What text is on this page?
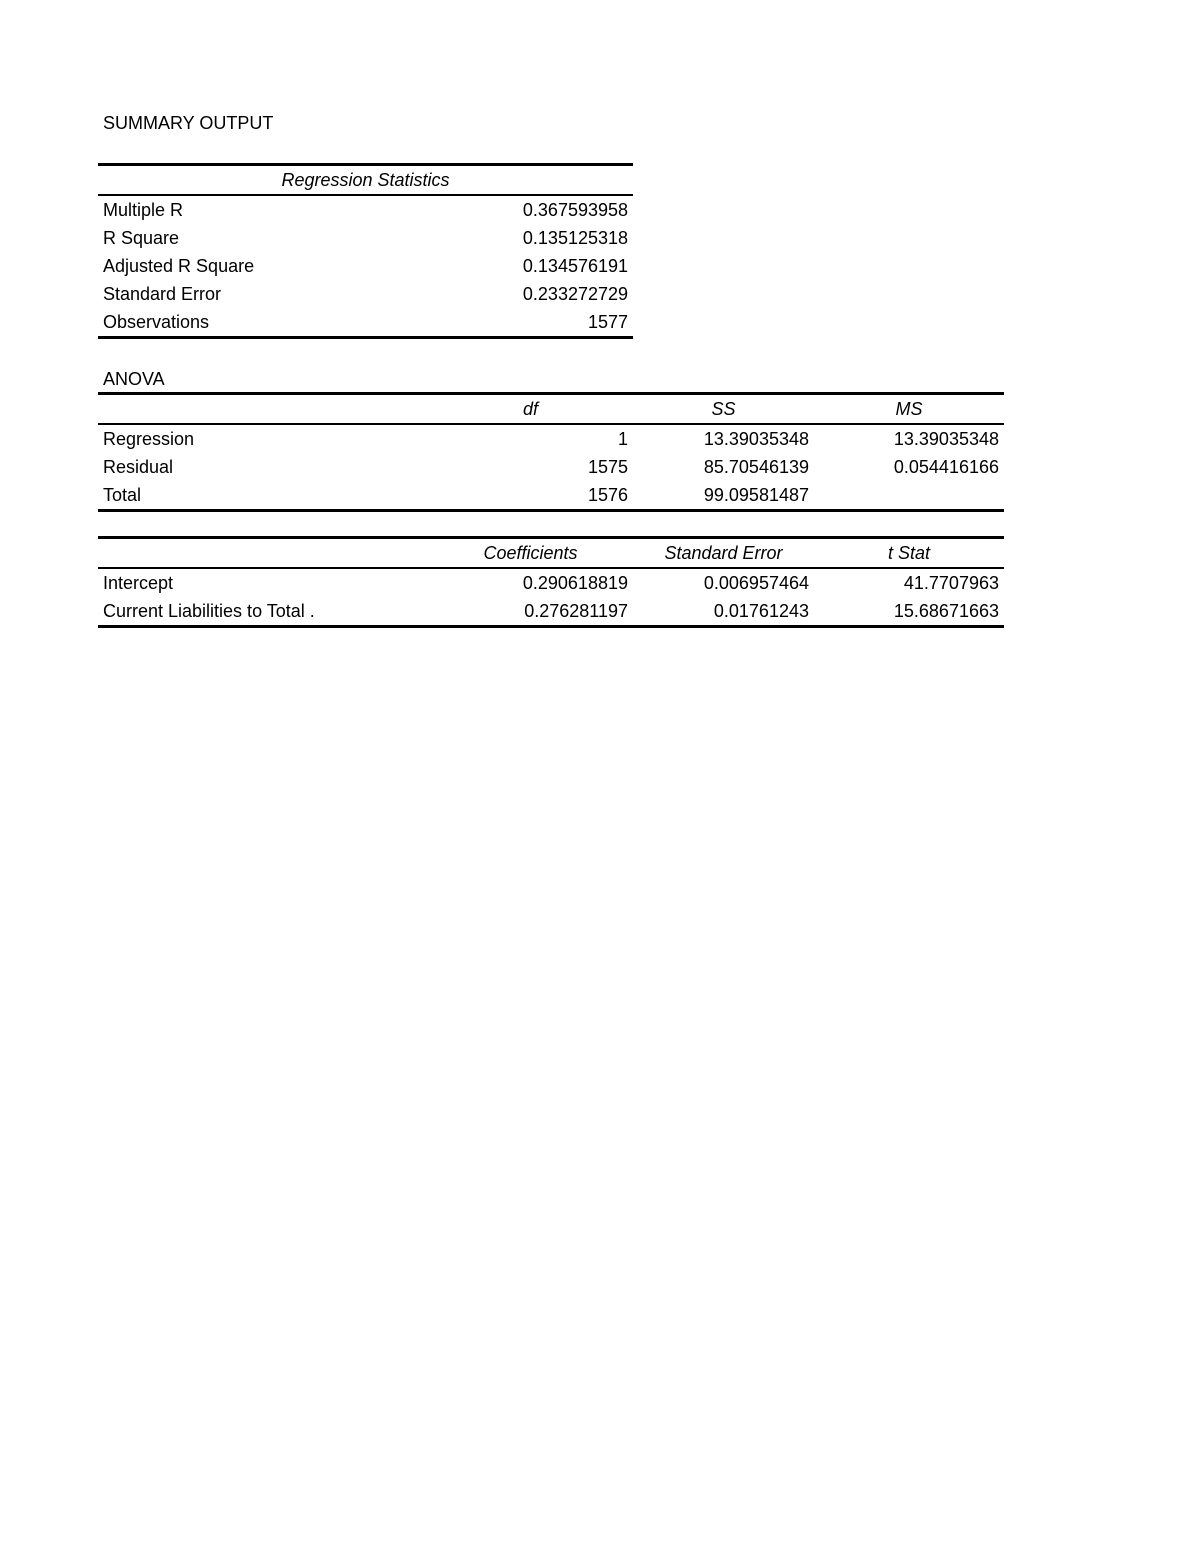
SUMMARY OUTPUT
Regression Statistics	
Multiple R	0.367593958
R Square	0.135125318
Adjusted R Square	0.134576191
Standard Error	0.233272729
Observations	1577
ANOVA
	df	SS	MS
Regression	1	13.39035348	13.39035348
Residual	1575	85.70546139	0.054416166
Total	1576	99.09581487	
	Coefficients	Standard Error	t Stat
Intercept	0.290618819	0.006957464	41.7707963
Current Liabilities to Total .	0.276281197	0.01761243	15.68671663
